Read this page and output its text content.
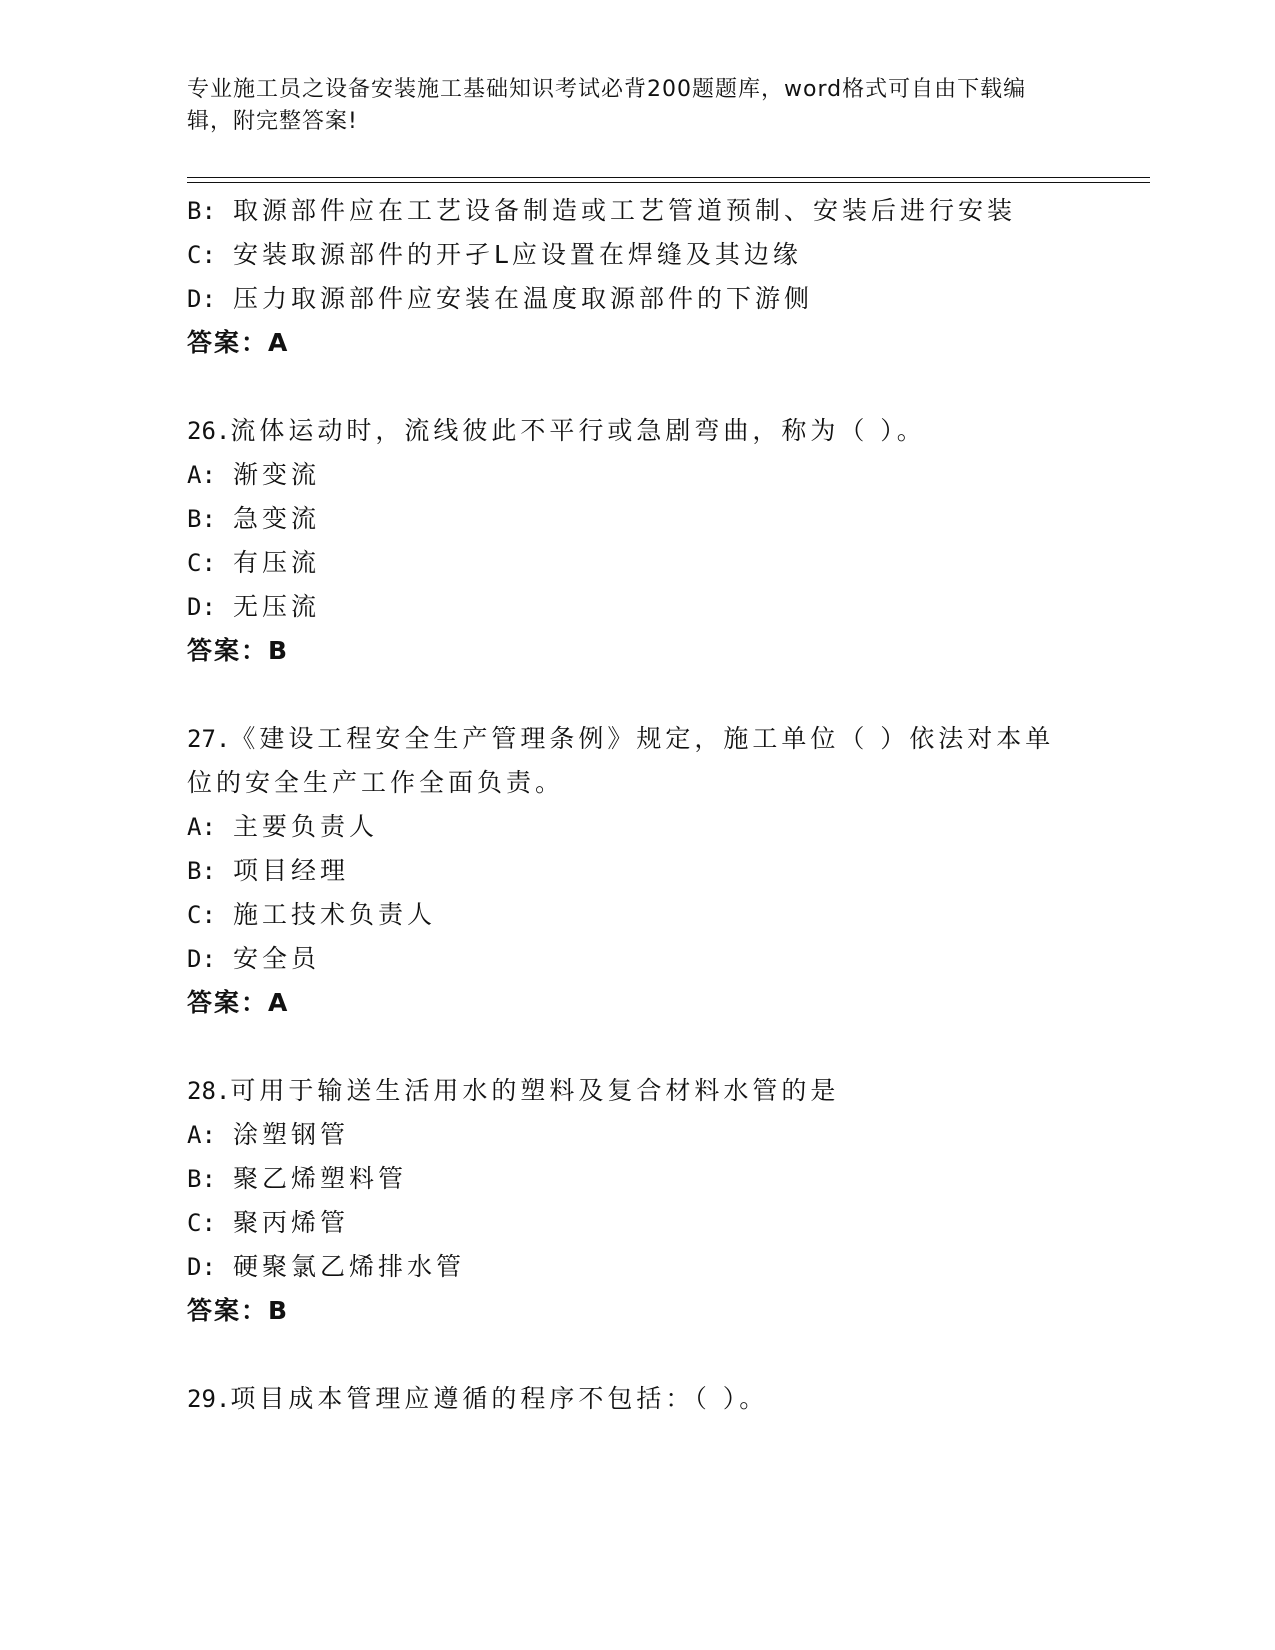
专业施工员之设备安装施工基础知识考试必背200题题库，word格式可自由下载编辑，附完整答案!
B: 取源部件应在工艺设备制造或工艺管道预制、安装后进行安装
C: 安装取源部件的开孑L应设置在焊缝及其边缘
D: 压力取源部件应安装在温度取源部件的下游侧
答案：A
26.流体运动时，流线彼此不平行或急剧弯曲，称为（ ）。
A: 渐变流
B: 急变流
C: 有压流
D: 无压流
答案：B
27.《建设工程安全生产管理条例》规定，施工单位（ ）依法对本单
位的安全生产工作全面负责。
A: 主要负责人
B: 项目经理
C: 施工技术负责人
D: 安全员
答案：A
28.可用于输送生活用水的塑料及复合材料水管的是
A: 涂塑钢管
B: 聚乙烯塑料管
C: 聚丙烯管
D: 硬聚氯乙烯排水管
答案：B
29.项目成本管理应遵循的程序不包括：（ ）。
